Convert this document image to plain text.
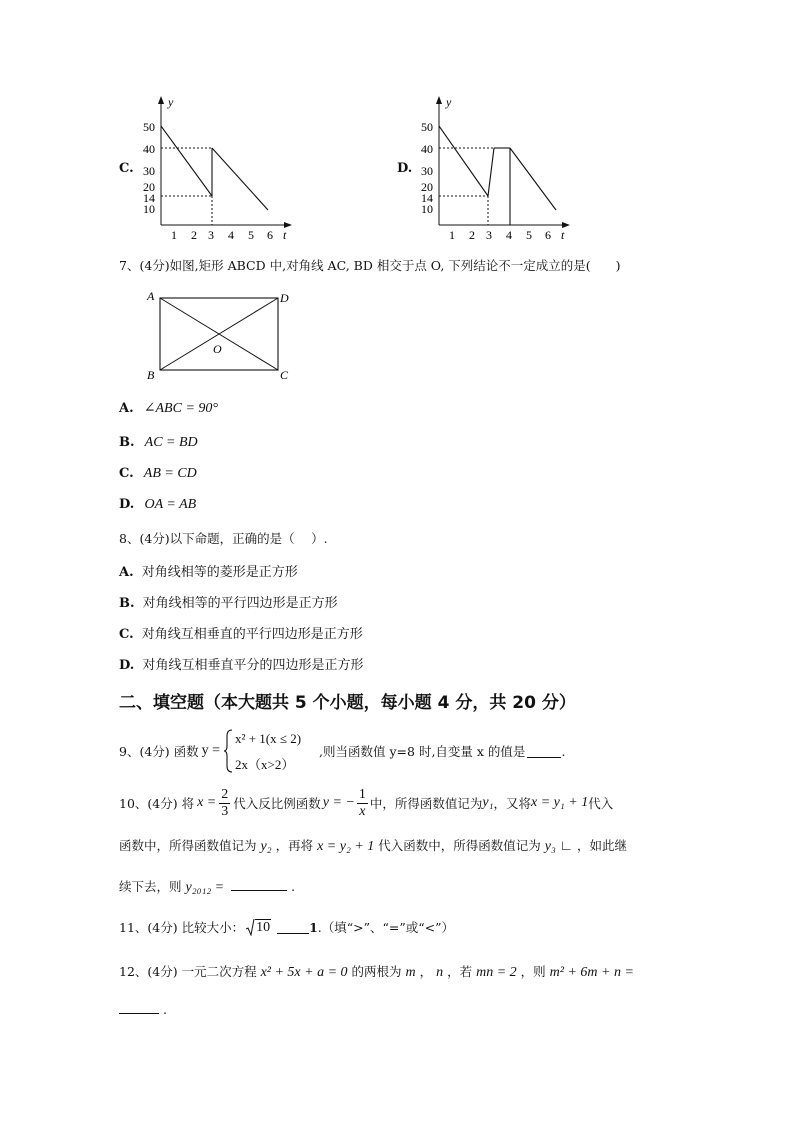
C.
y
t
50
40
30
20
14
10
1 2 3 4 5 6
D.
y
t
50
40
30
20
14
10
1 2 3 4 5 6
7、(4分)如图,矩形 ABCD 中,对角线 AC, BD 相交于点 O, 下列结论不一定成立的是(　　)
A	D
B	C
O
A. ∠ABC = 90°
B. AC = BD
C. AB = CD
D. OA = AB
8、(4分)以下命题，正确的是（　 ）.
A. 对角线相等的菱形是正方形
B. 对角线相等的平行四边形是正方形
C. 对角线互相垂直的平行四边形是正方形
D. 对角线互相垂直平分的四边形是正方形
二、填空题（本大题共 5 个小题，每小题 4 分，共 20 分）
9、(4分) 函数 y =
x² + 1(x ≤ 2)
2x（x>2）
,则当函数值 y=8 时,自变量 x 的值是	.
10、(4分) 将 $x = \frac{2}{3}$ 代入反比例函数 y = − $\frac{1}{x}$ 中，所得函数值记为 y₁ ，又将 x = y₁ + 1 代入
函数中，所得函数值记为 y₂ ，再将 x = y₂ + 1 代入函数中，所得函数值记为 y₃ ∟ ，如此继
续下去，则 y₂₀₁₂ =	.
11、(4分) 比较大小： 10	1 .（填“>”、“=”或“<”）
12、(4分) 一元二次方程 x² + 5x + a = 0 的两根为 m ， n ，若 mn = 2 ，则 m² + 6m + n =
.
